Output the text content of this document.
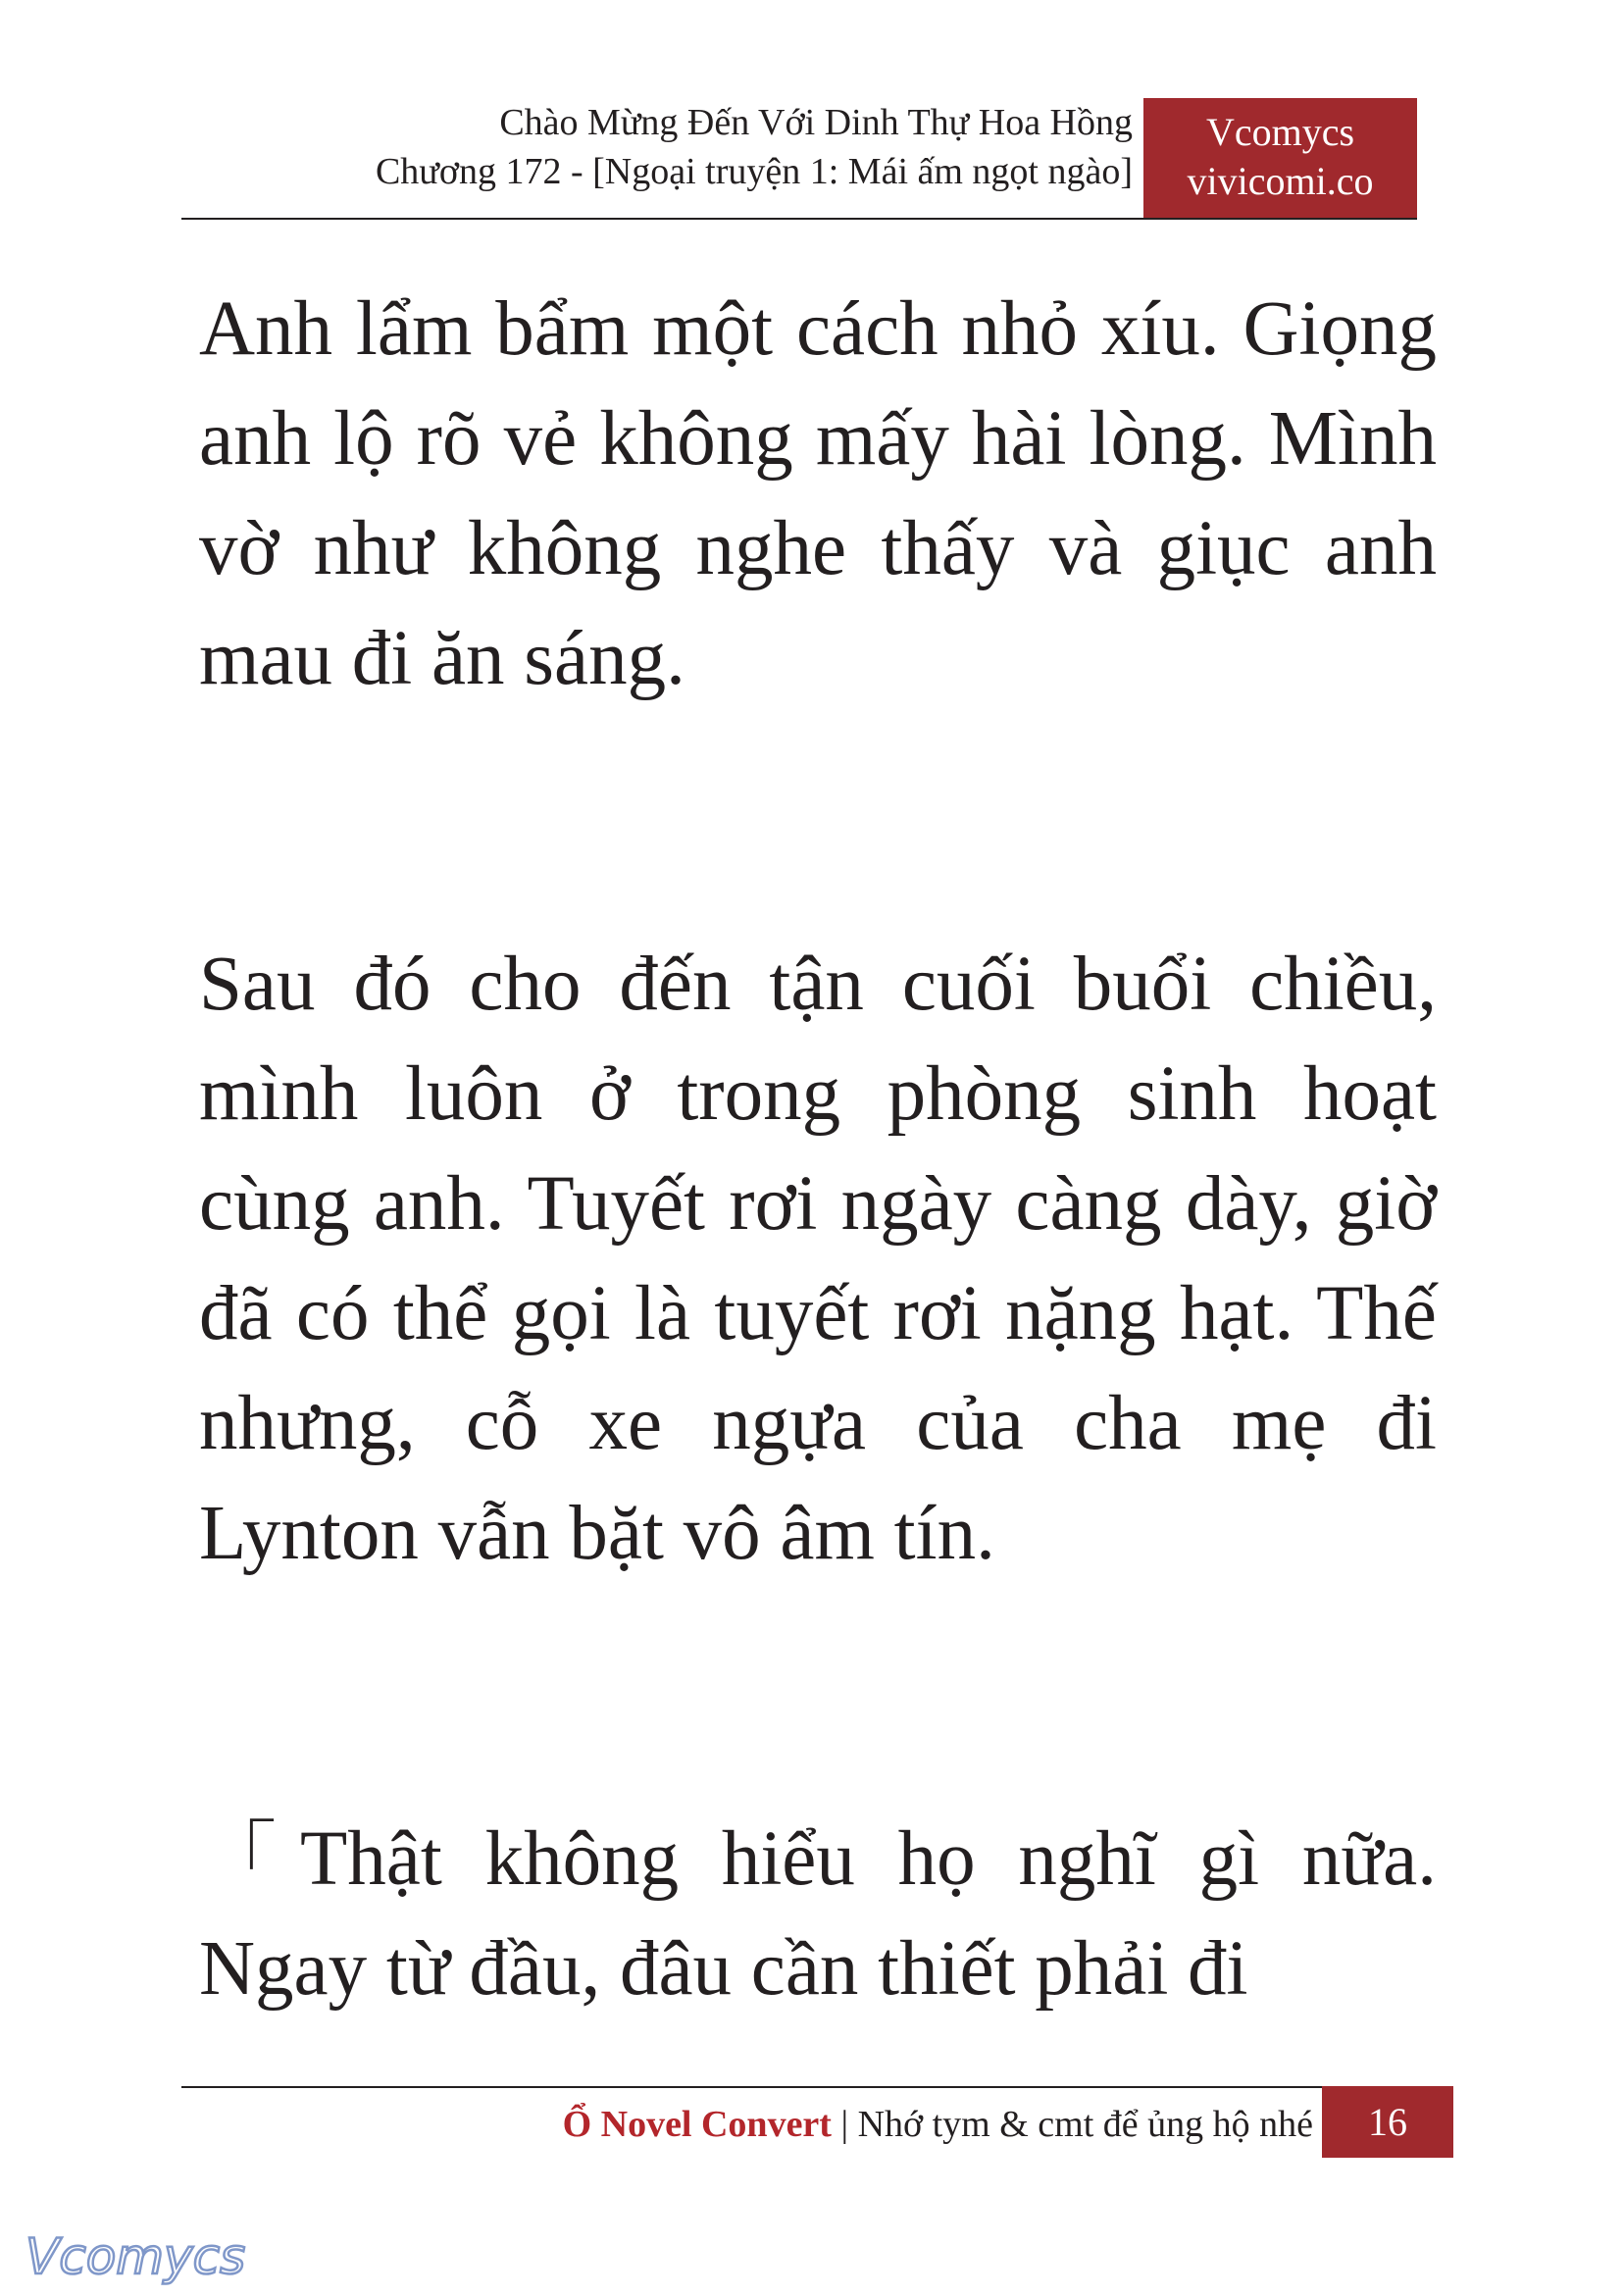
Chào Mừng Đến Với Dinh Thự Hoa Hồng
Chương 172 - [Ngoại truyện 1: Mái ấm ngọt ngào]
Vcomycs
vivicomi.co

Anh lẩm bẩm một cách nhỏ xíu. Giọng anh lộ rõ vẻ không mấy hài lòng. Mình vờ như không nghe thấy và giục anh mau đi ăn sáng.

Sau đó cho đến tận cuối buổi chiều, mình luôn ở trong phòng sinh hoạt cùng anh. Tuyết rơi ngày càng dày, giờ đã có thể gọi là tuyết rơi nặng hạt. Thế nhưng, cỗ xe ngựa của cha mẹ đi Lynton vẫn bặt vô âm tín.

「Thật không hiểu họ nghĩ gì nữa. Ngay từ đầu, đâu cần thiết phải đi

Ổ Novel Convert | Nhớ tym & cmt để ủng hộ nhé	16
Vcomycs
